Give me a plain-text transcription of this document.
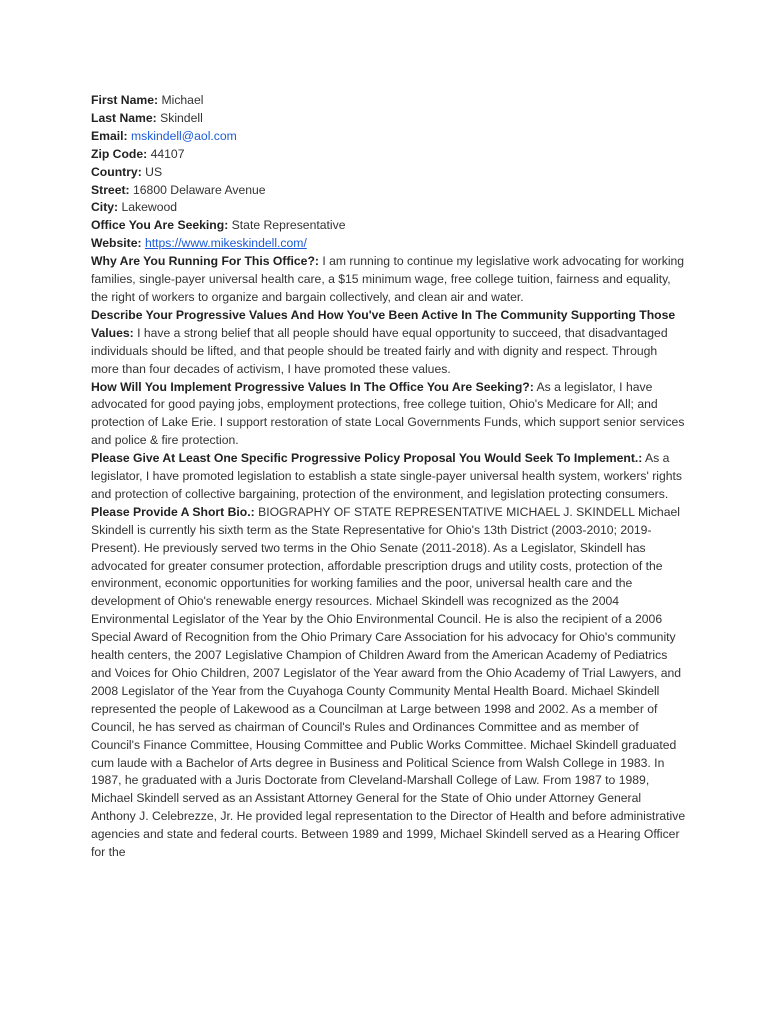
First Name: Michael

Last Name: Skindell

Email: mskindell@aol.com

Zip Code: 44107

Country: US

Street: 16800 Delaware Avenue

City: Lakewood

Office You Are Seeking: State Representative

Website: https://www.mikeskindell.com/

Why Are You Running For This Office?: I am running to continue my legislative work advocating for working families, single-payer universal health care, a $15 minimum wage, free college tuition, fairness and equality, the right of workers to organize and bargain collectively, and clean air and water.

Describe Your Progressive Values And How You've Been Active In The Community Supporting Those Values: I have a strong belief that all people should have equal opportunity to succeed, that disadvantaged individuals should be lifted, and that people should be treated fairly and with dignity and respect. Through more than four decades of activism, I have promoted these values.

How Will You Implement Progressive Values In The Office You Are Seeking?: As a legislator, I have advocated for good paying jobs, employment protections, free college tuition, Ohio's Medicare for All; and protection of Lake Erie. I support restoration of state Local Governments Funds, which support senior services and police & fire protection.

Please Give At Least One Specific Progressive Policy Proposal You Would Seek To Implement.: As a legislator, I have promoted legislation to establish a state single-payer universal health system, workers' rights and protection of collective bargaining, protection of the environment, and legislation protecting consumers.

Please Provide A Short Bio.: BIOGRAPHY OF STATE REPRESENTATIVE MICHAEL J. SKINDELL Michael Skindell is currently his sixth term as the State Representative for Ohio's 13th District (2003-2010; 2019-Present). He previously served two terms in the Ohio Senate (2011-2018). As a Legislator, Skindell has advocated for greater consumer protection, affordable prescription drugs and utility costs, protection of the environment, economic opportunities for working families and the poor, universal health care and the development of Ohio's renewable energy resources. Michael Skindell was recognized as the 2004 Environmental Legislator of the Year by the Ohio Environmental Council. He is also the recipient of a 2006 Special Award of Recognition from the Ohio Primary Care Association for his advocacy for Ohio's community health centers, the 2007 Legislative Champion of Children Award from the American Academy of Pediatrics and Voices for Ohio Children, 2007 Legislator of the Year award from the Ohio Academy of Trial Lawyers, and 2008 Legislator of the Year from the Cuyahoga County Community Mental Health Board. Michael Skindell represented the people of Lakewood as a Councilman at Large between 1998 and 2002. As a member of Council, he has served as chairman of Council's Rules and Ordinances Committee and as member of Council's Finance Committee, Housing Committee and Public Works Committee. Michael Skindell graduated cum laude with a Bachelor of Arts degree in Business and Political Science from Walsh College in 1983. In 1987, he graduated with a Juris Doctorate from Cleveland-Marshall College of Law. From 1987 to 1989, Michael Skindell served as an Assistant Attorney General for the State of Ohio under Attorney General Anthony J. Celebrezze, Jr. He provided legal representation to the Director of Health and before administrative agencies and state and federal courts. Between 1989 and 1999, Michael Skindell served as a Hearing Officer for the
